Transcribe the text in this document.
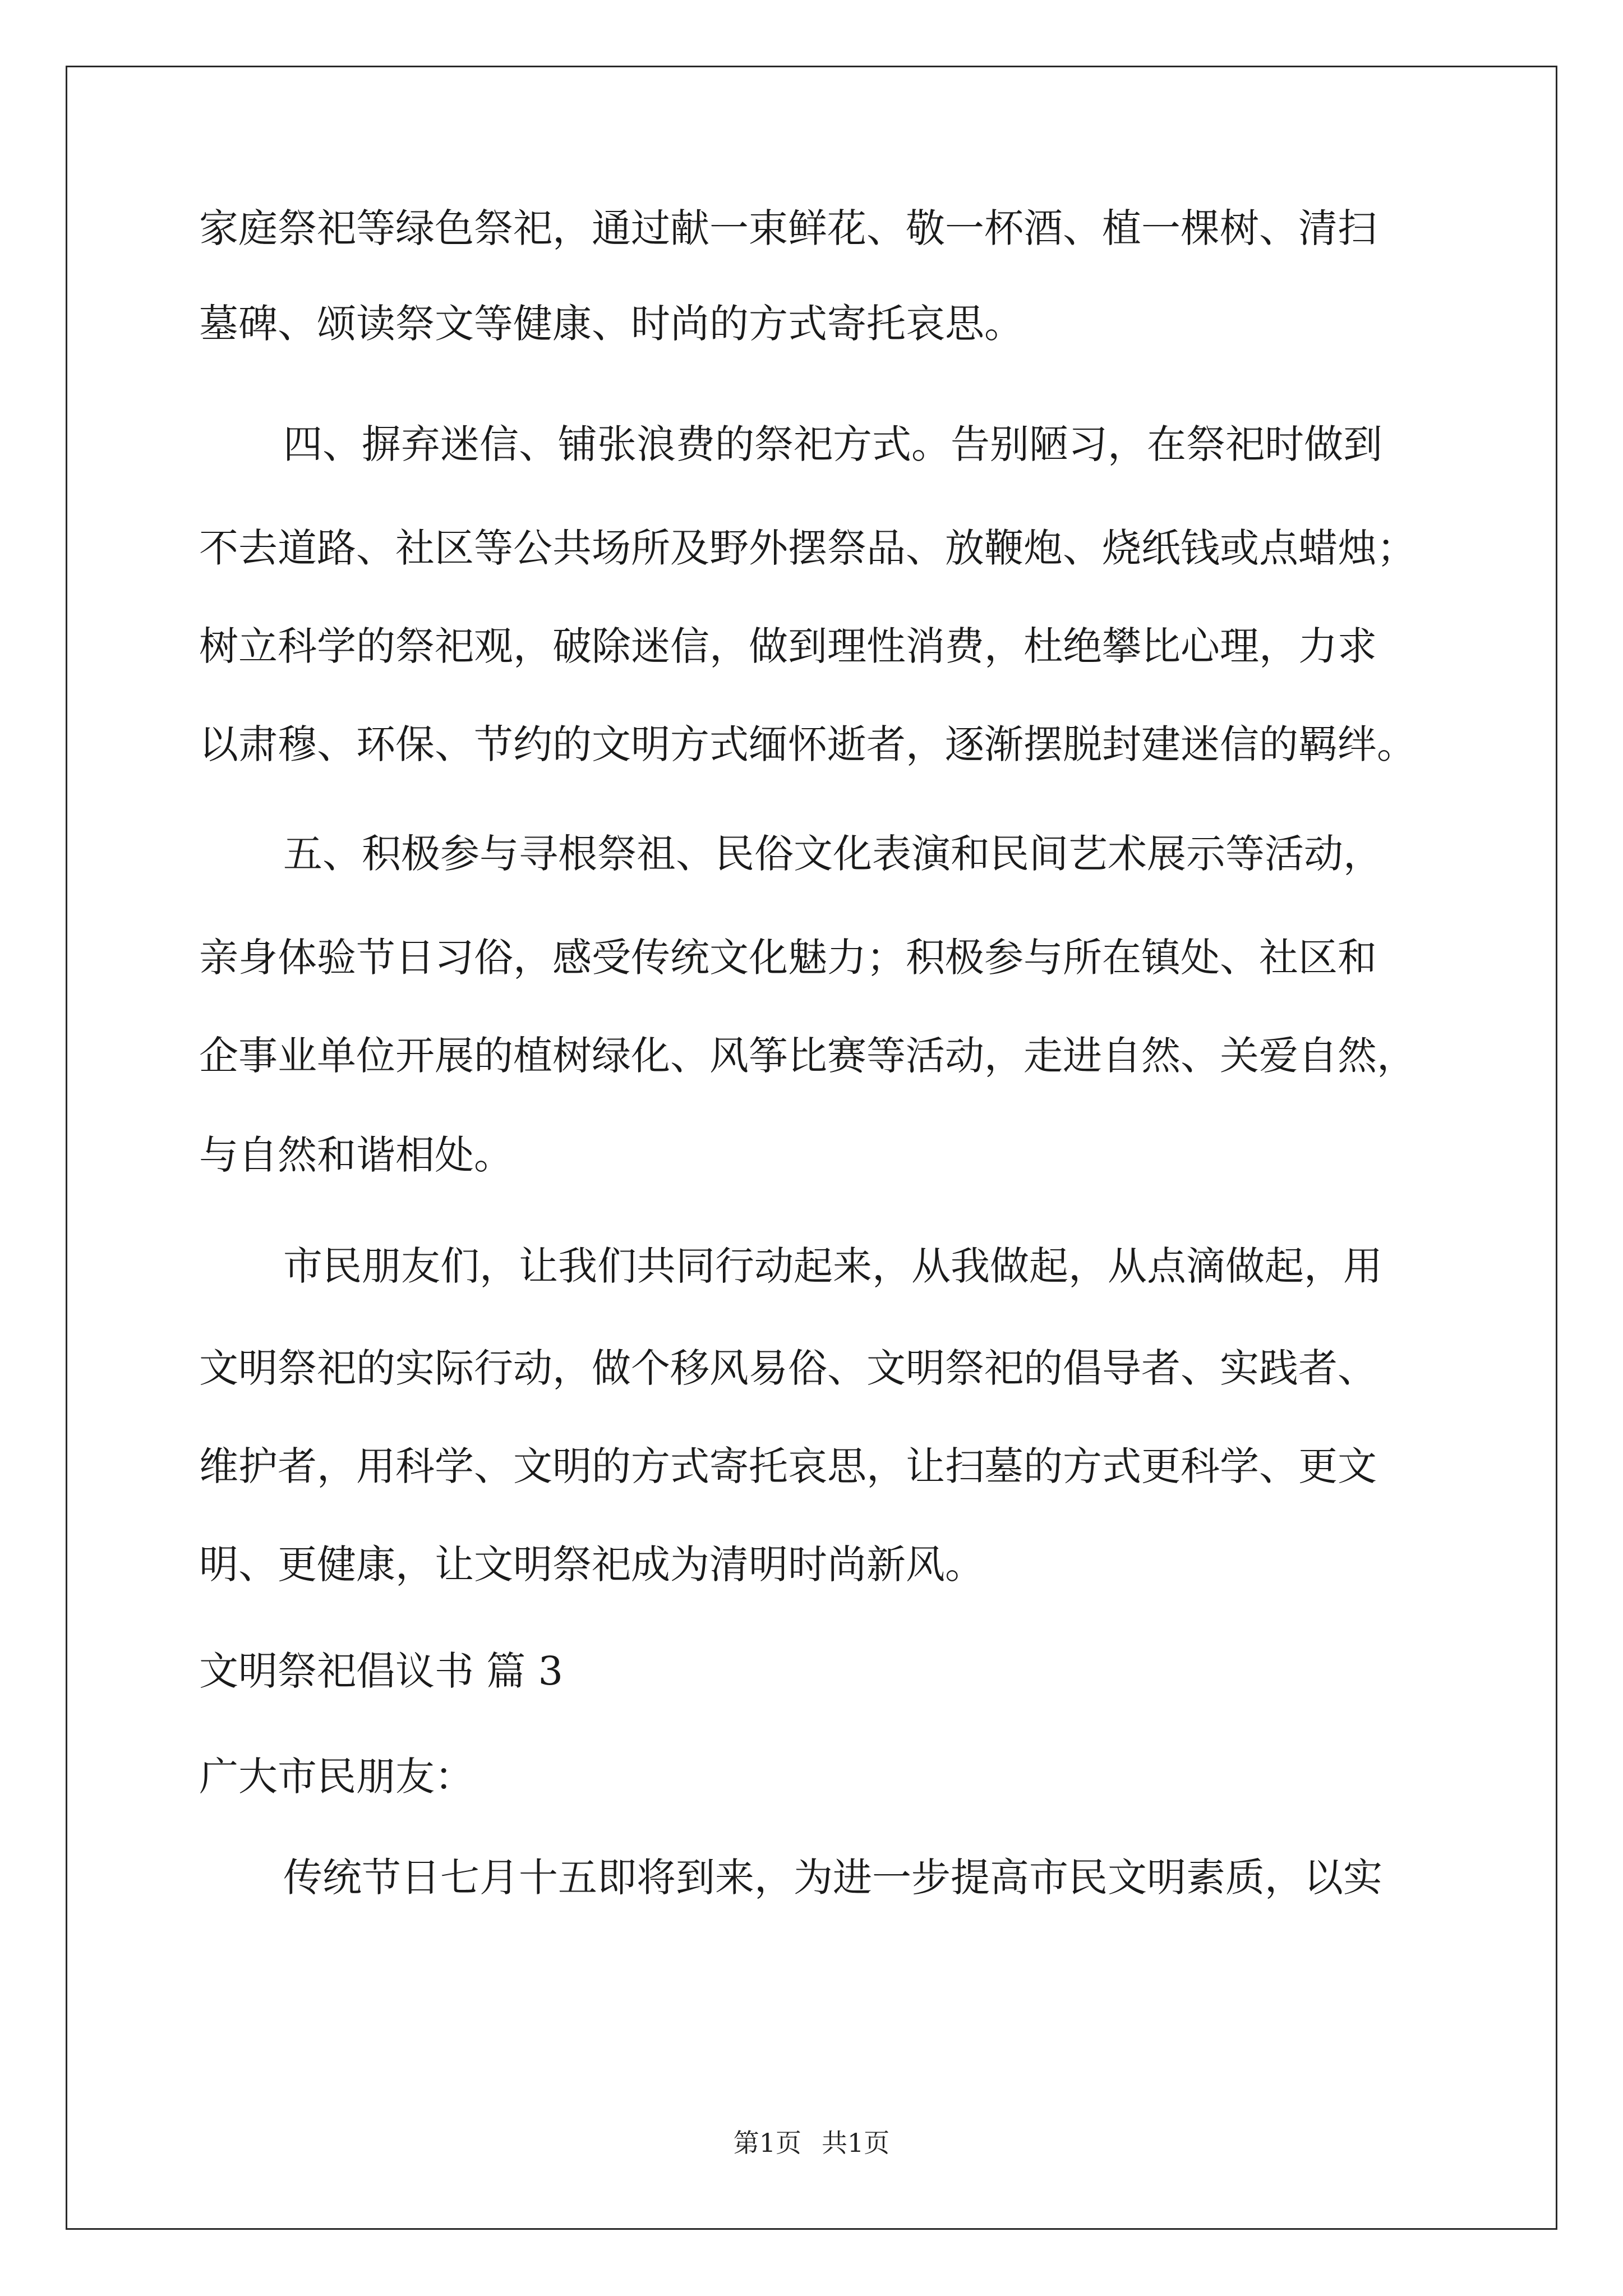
家庭祭祀等绿色祭祀，通过献一束鲜花、敬一杯酒、植一棵树、清扫
墓碑、颂读祭文等健康、时尚的方式寄托哀思。
四、摒弃迷信、铺张浪费的祭祀方式。告别陋习，在祭祀时做到
不去道路、社区等公共场所及野外摆祭品、放鞭炮、烧纸钱或点蜡烛；
树立科学的祭祀观，破除迷信，做到理性消费，杜绝攀比心理，力求
以肃穆、环保、节约的文明方式缅怀逝者，逐渐摆脱封建迷信的羁绊。
五、积极参与寻根祭祖、民俗文化表演和民间艺术展示等活动，
亲身体验节日习俗，感受传统文化魅力；积极参与所在镇处、社区和
企事业单位开展的植树绿化、风筝比赛等活动，走进自然、关爱自然，
与自然和谐相处。
市民朋友们，让我们共同行动起来，从我做起，从点滴做起，用
文明祭祀的实际行动，做个移风易俗、文明祭祀的倡导者、实践者、
维护者，用科学、文明的方式寄托哀思，让扫墓的方式更科学、更文
明、更健康，让文明祭祀成为清明时尚新风。
文明祭祀倡议书 篇 3
广大市民朋友：
传统节日七月十五即将到来，为进一步提高市民文明素质，以实
第1页 共1页
